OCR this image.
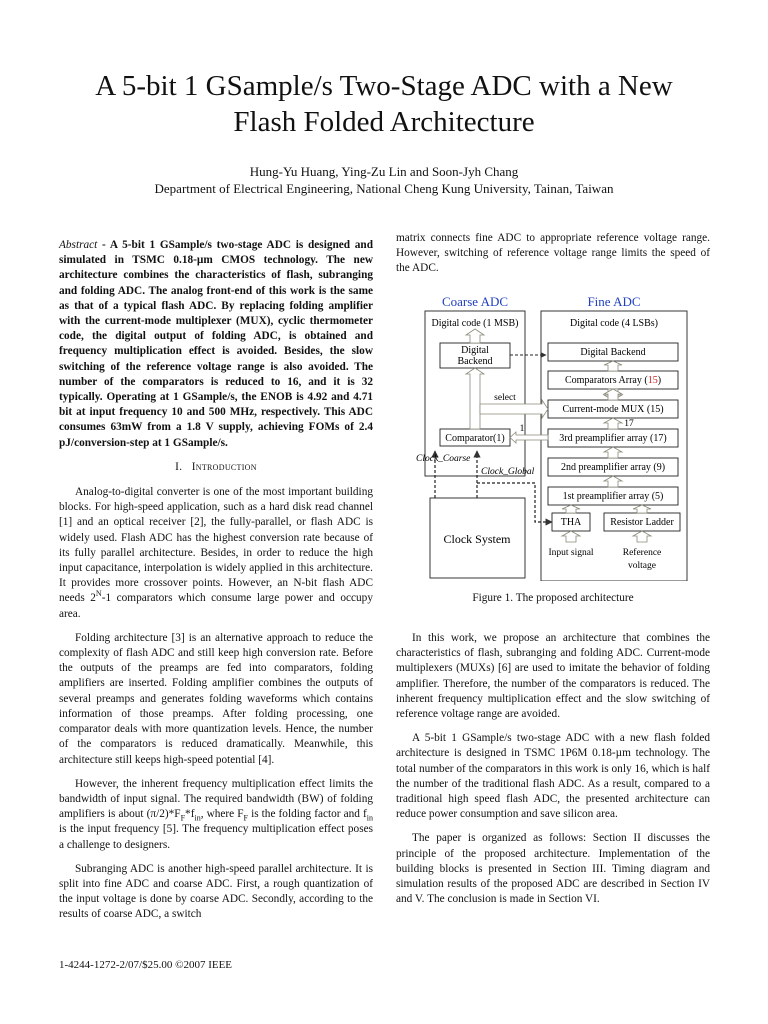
A 5-bit 1 GSample/s Two-Stage ADC with a New
Flash Folded Architecture
Hung-Yu Huang, Ying-Zu Lin and Soon-Jyh Chang
Department of Electrical Engineering, National Cheng Kung University, Tainan, Taiwan

Abstract - A 5-bit 1 GSample/s two-stage ADC is designed and simulated in TSMC 0.18-µm CMOS technology. The new architecture combines the characteristics of flash, subranging and folding ADC. The analog front-end of this work is the same as that of a typical flash ADC. By replacing folding amplifier with the current-mode multiplexer (MUX), cyclic thermometer code, the digital output of folding ADC, is obtained and frequency multiplication effect is avoided. Besides, the slow switching of the reference voltage range is also avoided. The number of the comparators is reduced to 16, and it is 32 typically. Operating at 1 GSample/s, the ENOB is 4.92 and 4.71 bit at input frequency 10 and 500 MHz, respectively. This ADC consumes 63mW from a 1.8 V supply, achieving FOMs of 2.4 pJ/conversion-step at 1 GSample/s.

I. Introduction

Analog-to-digital converter is one of the most important building blocks. For high-speed application, such as a hard disk read channel [1] and an optical receiver [2], the fully-parallel, or flash ADC is widely used. Flash ADC has the highest conversion rate because of its fully parallel architecture. Besides, in order to reduce the high input capacitance, interpolation is widely applied in this architecture. It provides more crossover points. However, an N-bit flash ADC needs $2^N-1$ comparators which consume large power and occupy area.

Folding architecture [3] is an alternative approach to reduce the complexity of flash ADC and still keep high conversion rate. Before the outputs of the preamps are fed into comparators, folding amplifiers are inserted. Folding amplifier combines the outputs of several preamps and generates folding waveforms which contains information of those preamps. After folding processing, one comparator deals with more quantization levels. Hence, the number of the comparators is reduced dramatically. Meanwhile, this architecture still keeps high-speed potential [4].

However, the inherent frequency multiplication effect limits the bandwidth of input signal. The required bandwidth (BW) of folding amplifiers is about $(\pi/2)*F_F*f_{in}$, where $F_F$ is the folding factor and $f_{in}$ is the input frequency [5]. The frequency multiplication effect poses a challenge to designers.

Subranging ADC is another high-speed parallel architecture. It is split into fine ADC and coarse ADC. First, a rough quantization of the input voltage is done by coarse ADC. Secondly, according to the results of coarse ADC, a switch

matrix connects fine ADC to appropriate reference voltage range. However, switching of reference voltage range limits the speed of the ADC.

Coarse ADC	Fine ADC
Digital code (1 MSB)	Digital code (4 LSBs)
Digital
Backend
Comparator(1)
Digital Backend
Comparators Array (15)
Current-mode MUX (15)
3rd preamplifier array (17)
2nd preamplifier array (9)
1st preamplifier array (5)
THA	Resistor Ladder
Input signal	Reference
voltage
Clock System
select
1	17
Clock_Coarse
Clock_Global
Figure 1. The proposed architecture

In this work, we propose an architecture that combines the characteristics of flash, subranging and folding ADC. Current-mode multiplexers (MUXs) [6] are used to imitate the behavior of folding amplifier. Therefore, the number of the comparators is reduced. The inherent frequency multiplication effect and the slow switching of reference voltage range are avoided.

A 5-bit 1 GSample/s two-stage ADC with a new flash folded architecture is designed in TSMC 1P6M 0.18-µm technology. The total number of the comparators in this work is only 16, which is half the number of the traditional flash ADC. As a result, compared to a traditional high speed flash ADC, the presented architecture can reduce power consumption and save silicon area.

The paper is organized as follows: Section II discusses the principle of the proposed architecture. Implementation of the building blocks is presented in Section III. Timing diagram and simulation results of the proposed ADC are described in Section IV and V. The conclusion is made in Section VI.

1-4244-1272-2/07/$25.00 ©2007 IEEE
